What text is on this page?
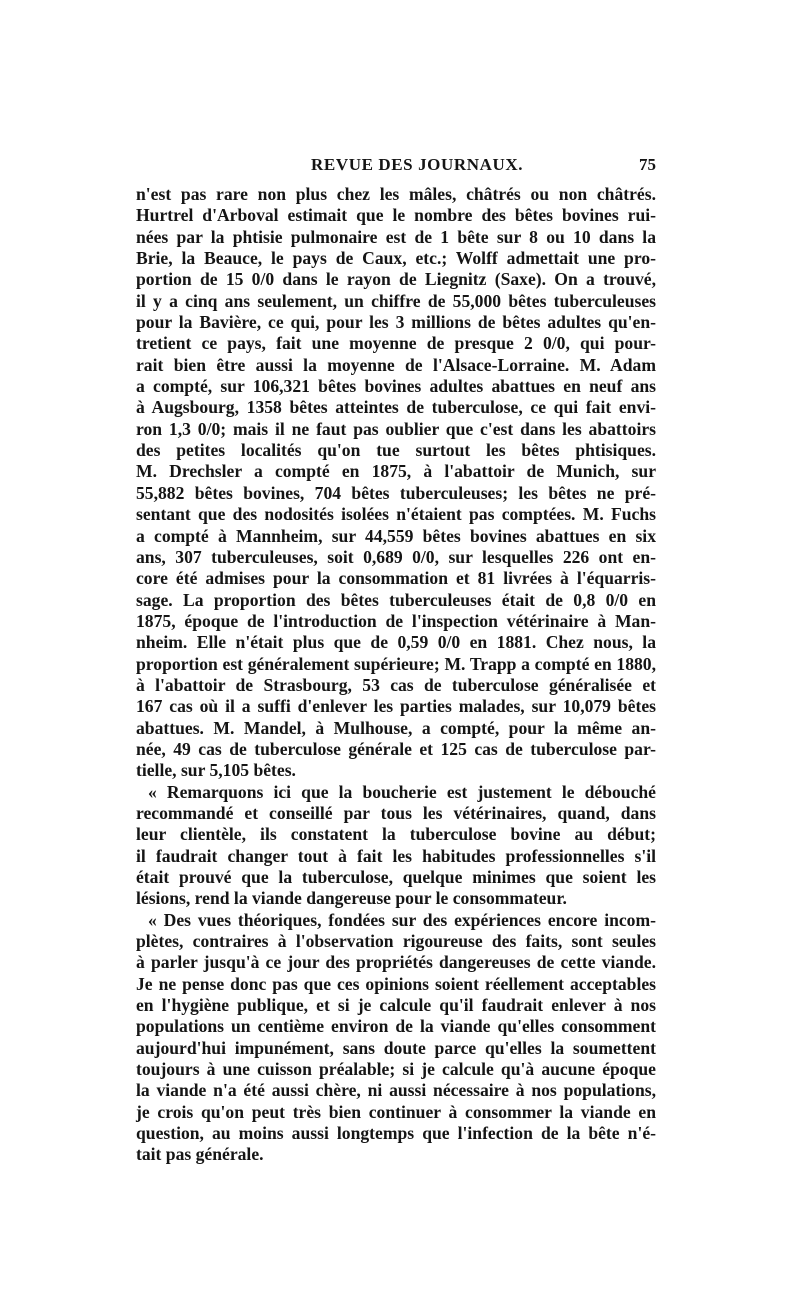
REVUE DES JOURNAUX.	75
n'est pas rare non plus chez les mâles, châtrés ou non châtrés.
Hurtrel d'Arboval estimait que le nombre des bêtes bovines rui-
nées par la phtisie pulmonaire est de 1 bête sur 8 ou 10 dans la
Brie, la Beauce, le pays de Caux, etc.; Wolff admettait une pro-
portion de 15 0/0 dans le rayon de Liegnitz (Saxe). On a trouvé,
il y a cinq ans seulement, un chiffre de 55,000 bêtes tuberculeuses
pour la Bavière, ce qui, pour les 3 millions de bêtes adultes qu'en-
tretient ce pays, fait une moyenne de presque 2 0/0, qui pour-
rait bien être aussi la moyenne de l'Alsace-Lorraine. M. Adam
a compté, sur 106,321 bêtes bovines adultes abattues en neuf ans
à Augsbourg, 1358 bêtes atteintes de tuberculose, ce qui fait envi-
ron 1,3 0/0; mais il ne faut pas oublier que c'est dans les abattoirs
des petites localités qu'on tue surtout les bêtes phtisiques.
M. Drechsler a compté en 1875, à l'abattoir de Munich, sur
55,882 bêtes bovines, 704 bêtes tuberculeuses; les bêtes ne pré-
sentant que des nodosités isolées n'étaient pas comptées. M. Fuchs
a compté à Mannheim, sur 44,559 bêtes bovines abattues en six
ans, 307 tuberculeuses, soit 0,689 0/0, sur lesquelles 226 ont en-
core été admises pour la consommation et 81 livrées à l'équarris-
sage. La proportion des bêtes tuberculeuses était de 0,8 0/0 en
1875, époque de l'introduction de l'inspection vétérinaire à Man-
nheim. Elle n'était plus que de 0,59 0/0 en 1881. Chez nous, la
proportion est généralement supérieure; M. Trapp a compté en 1880,
à l'abattoir de Strasbourg, 53 cas de tuberculose généralisée et
167 cas où il a suffi d'enlever les parties malades, sur 10,079 bêtes
abattues. M. Mandel, à Mulhouse, a compté, pour la même an-
née, 49 cas de tuberculose générale et 125 cas de tuberculose par-
tielle, sur 5,105 bêtes.
« Remarquons ici que la boucherie est justement le débouché
recommandé et conseillé par tous les vétérinaires, quand, dans
leur clientèle, ils constatent la tuberculose bovine au début;
il faudrait changer tout à fait les habitudes professionnelles s'il
était prouvé que la tuberculose, quelque minimes que soient les
lésions, rend la viande dangereuse pour le consommateur.
« Des vues théoriques, fondées sur des expériences encore incom-
plètes, contraires à l'observation rigoureuse des faits, sont seules
à parler jusqu'à ce jour des propriétés dangereuses de cette viande.
Je ne pense donc pas que ces opinions soient réellement acceptables
en l'hygiène publique, et si je calcule qu'il faudrait enlever à nos
populations un centième environ de la viande qu'elles consomment
aujourd'hui impunément, sans doute parce qu'elles la soumettent
toujours à une cuisson préalable; si je calcule qu'à aucune époque
la viande n'a été aussi chère, ni aussi nécessaire à nos populations,
je crois qu'on peut très bien continuer à consommer la viande en
question, au moins aussi longtemps que l'infection de la bête n'é-
tait pas générale.
